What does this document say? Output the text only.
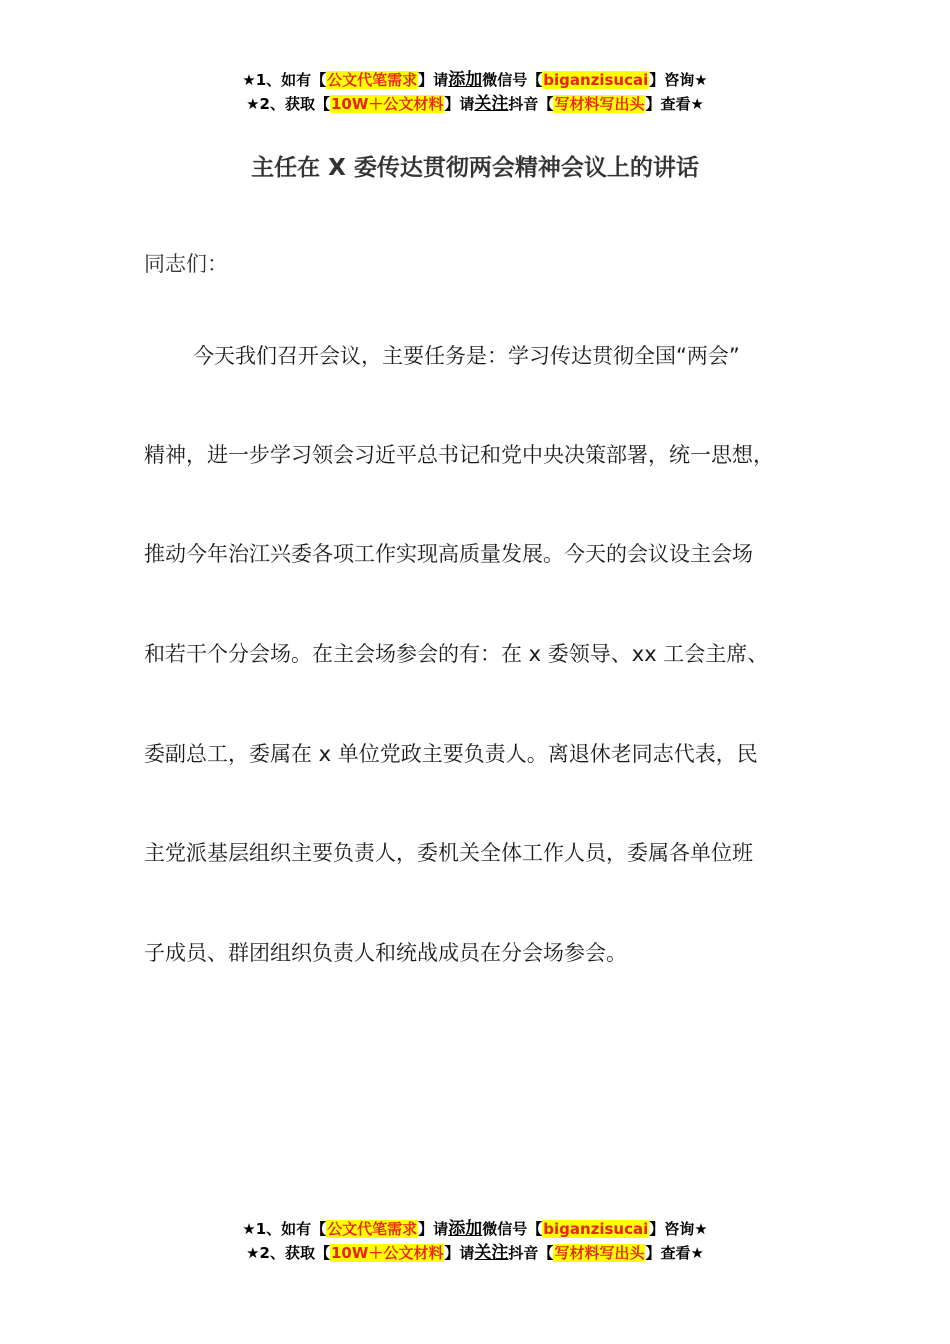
★1、如有【公文代笔需求】请添加微信号【biganzisucai】咨询★
★2、获取【10W＋公文材料】请关注抖音【写材料写出头】查看★
主任在 X 委传达贯彻两会精神会议上的讲话
同志们：
今天我们召开会议，主要任务是：学习传达贯彻全国“两会”
精神，进一步学习领会习近平总书记和党中央决策部署，统一思想，
推动今年治江兴委各项工作实现高质量发展。今天的会议设主会场
和若干个分会场。在主会场参会的有：在 x 委领导、xx 工会主席、
委副总工，委属在 x 单位党政主要负责人。离退休老同志代表，民
主党派基层组织主要负责人，委机关全体工作人员，委属各单位班
子成员、群团组织负责人和统战成员在分会场参会。
★1、如有【公文代笔需求】请添加微信号【biganzisucai】咨询★
★2、获取【10W＋公文材料】请关注抖音【写材料写出头】查看★
